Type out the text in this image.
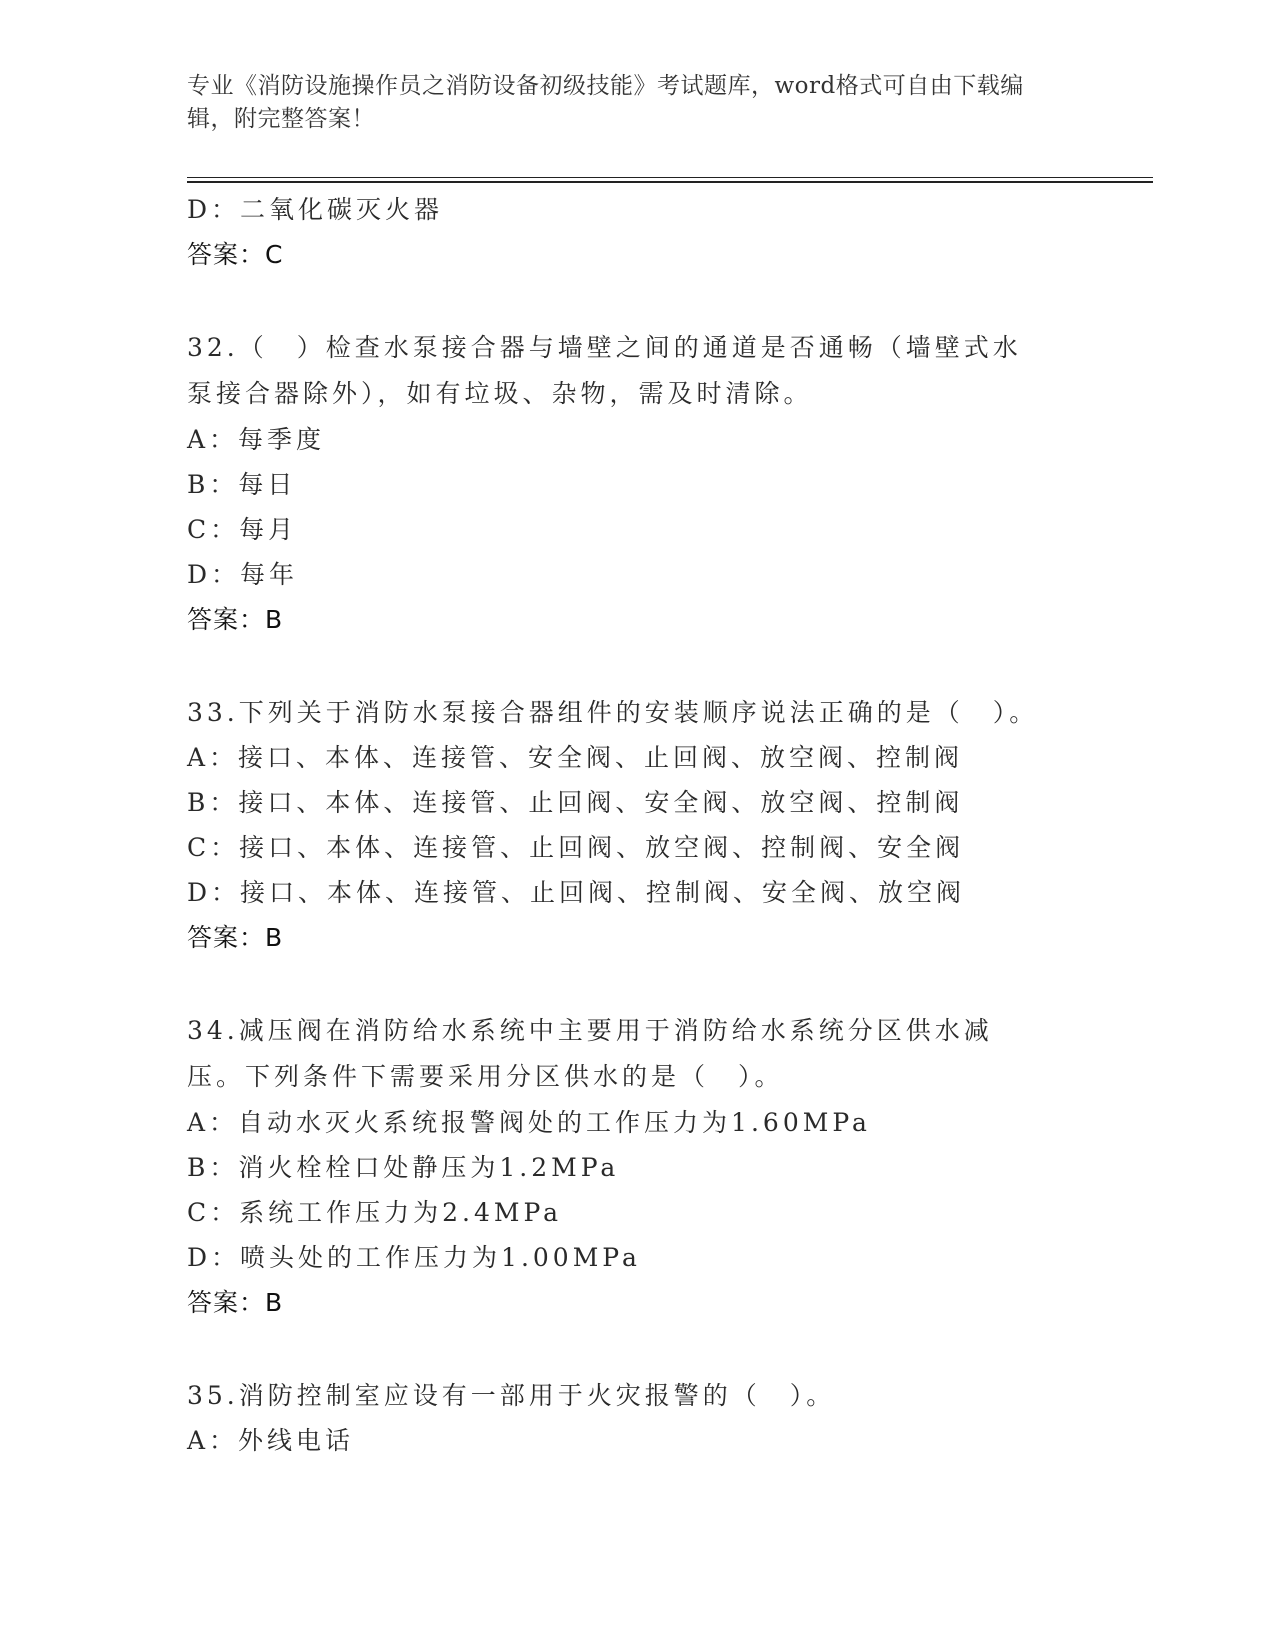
专业《消防设施操作员之消防设备初级技能》考试题库，word格式可自由下载编辑，附完整答案！
D：二氧化碳灭火器
答案：C
32.（　）检查水泵接合器与墙壁之间的通道是否通畅（墙壁式水泵接合器除外），如有垃圾、杂物，需及时清除。
A：每季度
B：每日
C：每月
D：每年
答案：B
33.下列关于消防水泵接合器组件的安装顺序说法正确的是（　）。
A：接口、本体、连接管、安全阀、止回阀、放空阀、控制阀
B：接口、本体、连接管、止回阀、安全阀、放空阀、控制阀
C：接口、本体、连接管、止回阀、放空阀、控制阀、安全阀
D：接口、本体、连接管、止回阀、控制阀、安全阀、放空阀
答案：B
34.减压阀在消防给水系统中主要用于消防给水系统分区供水减压。下列条件下需要采用分区供水的是（　）。
A：自动水灭火系统报警阀处的工作压力为1.60MPa
B：消火栓栓口处静压为1.2MPa
C：系统工作压力为2.4MPa
D：喷头处的工作压力为1.00MPa
答案：B
35.消防控制室应设有一部用于火灾报警的（　）。
A：外线电话
